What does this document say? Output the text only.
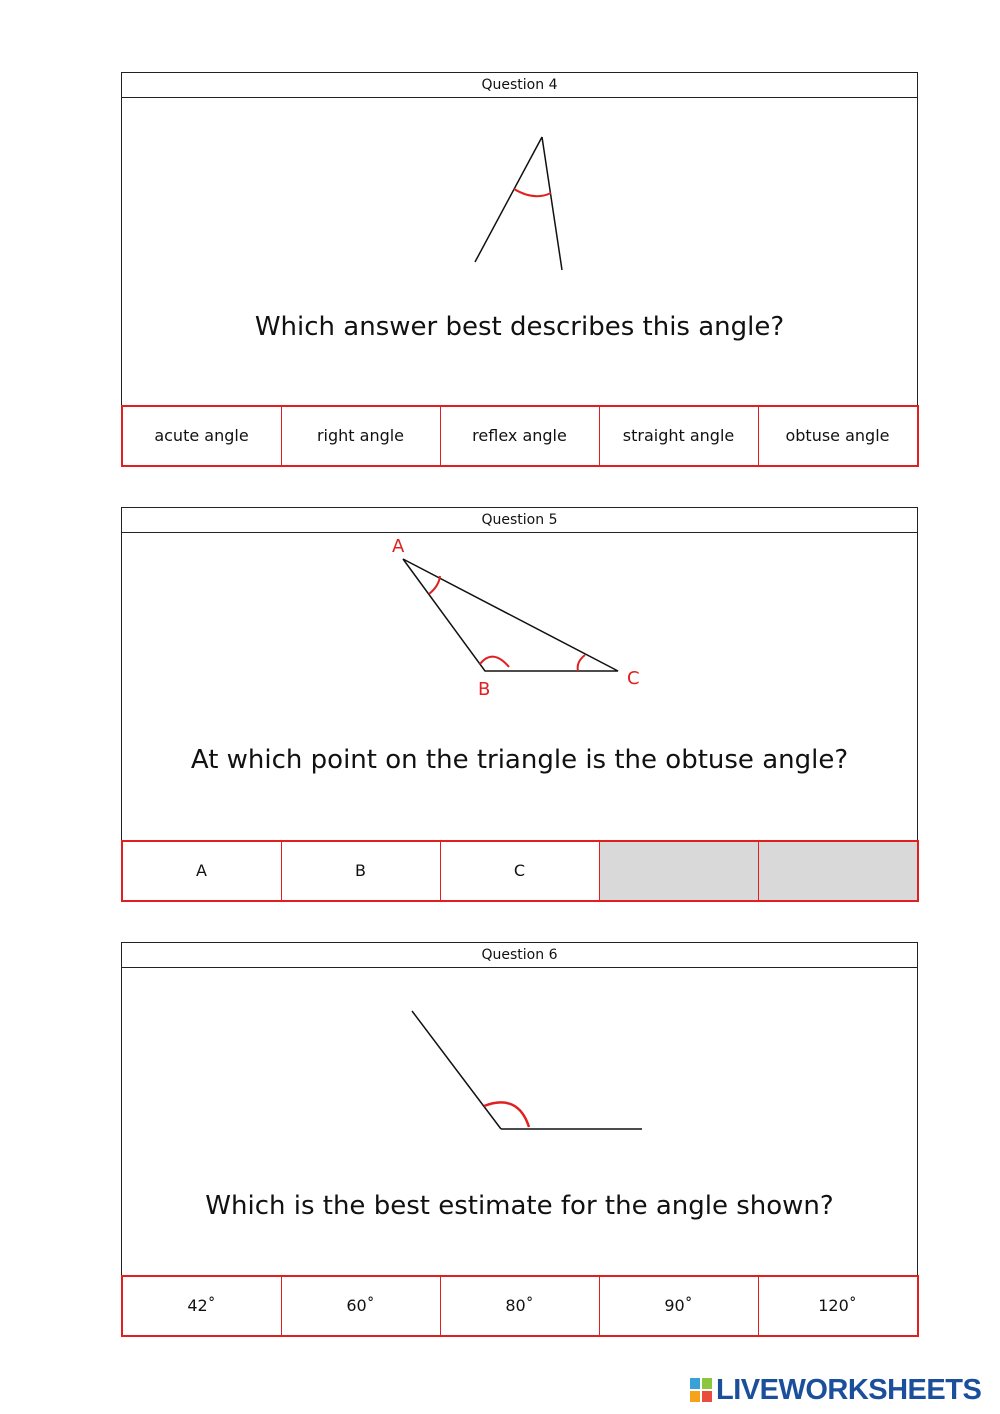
Question 4
Which answer best describes this angle?
acute angle	right angle	reflex angle	straight angle	obtuse angle
Question 5
A
B
C
At which point on the triangle is the obtuse angle?
A	B	C
Question 6
Which is the best estimate for the angle shown?
42˚	60˚	80˚	90˚	120˚
LIVEWORKSHEETS
